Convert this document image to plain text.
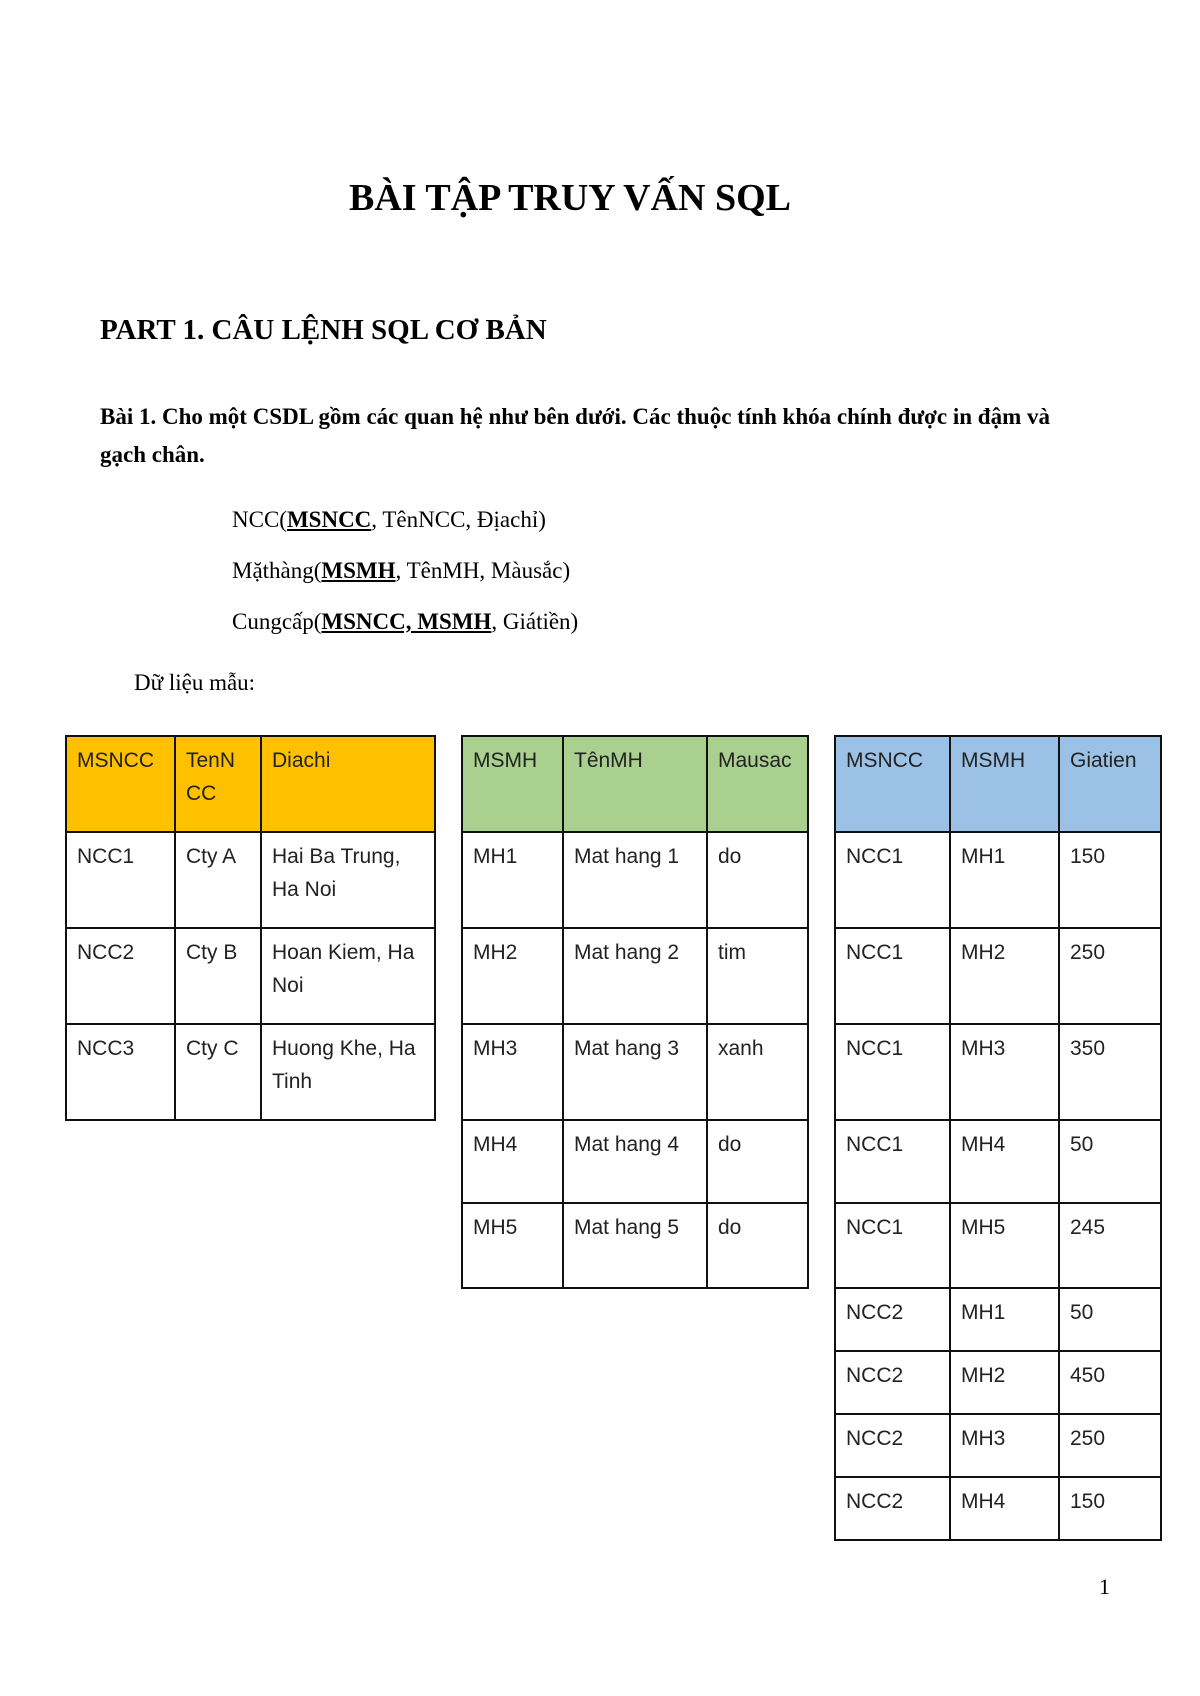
BÀI TẬP TRUY VẤN SQL
PART 1. CÂU LỆNH SQL CƠ BẢN
Bài 1. Cho một CSDL gồm các quan hệ như bên dưới. Các thuộc tính khóa chính được in đậm và gạch chân.
NCC(MSNCC, TênNCC, Địachỉ)
Mặthàng(MSMH, TênMH, Màusắc)
Cungcấp(MSNCC, MSMH, Giátiền)
Dữ liệu mẫu:
MSNCC	TenN CC	Diachi
NCC1	Cty A	Hai Ba Trung, Ha Noi
NCC2	Cty B	Hoan Kiem, Ha Noi
NCC3	Cty C	Huong Khe, Ha Tinh
MSMH	TênMH	Mausac
MH1	Mat hang 1	do
MH2	Mat hang 2	tim
MH3	Mat hang 3	xanh
MH4	Mat hang 4	do
MH5	Mat hang 5	do
MSNCC	MSMH	Giatien
NCC1	MH1	150
NCC1	MH2	250
NCC1	MH3	350
NCC1	MH4	50
NCC1	MH5	245
NCC2	MH1	50
NCC2	MH2	450
NCC2	MH3	250
NCC2	MH4	150
1
